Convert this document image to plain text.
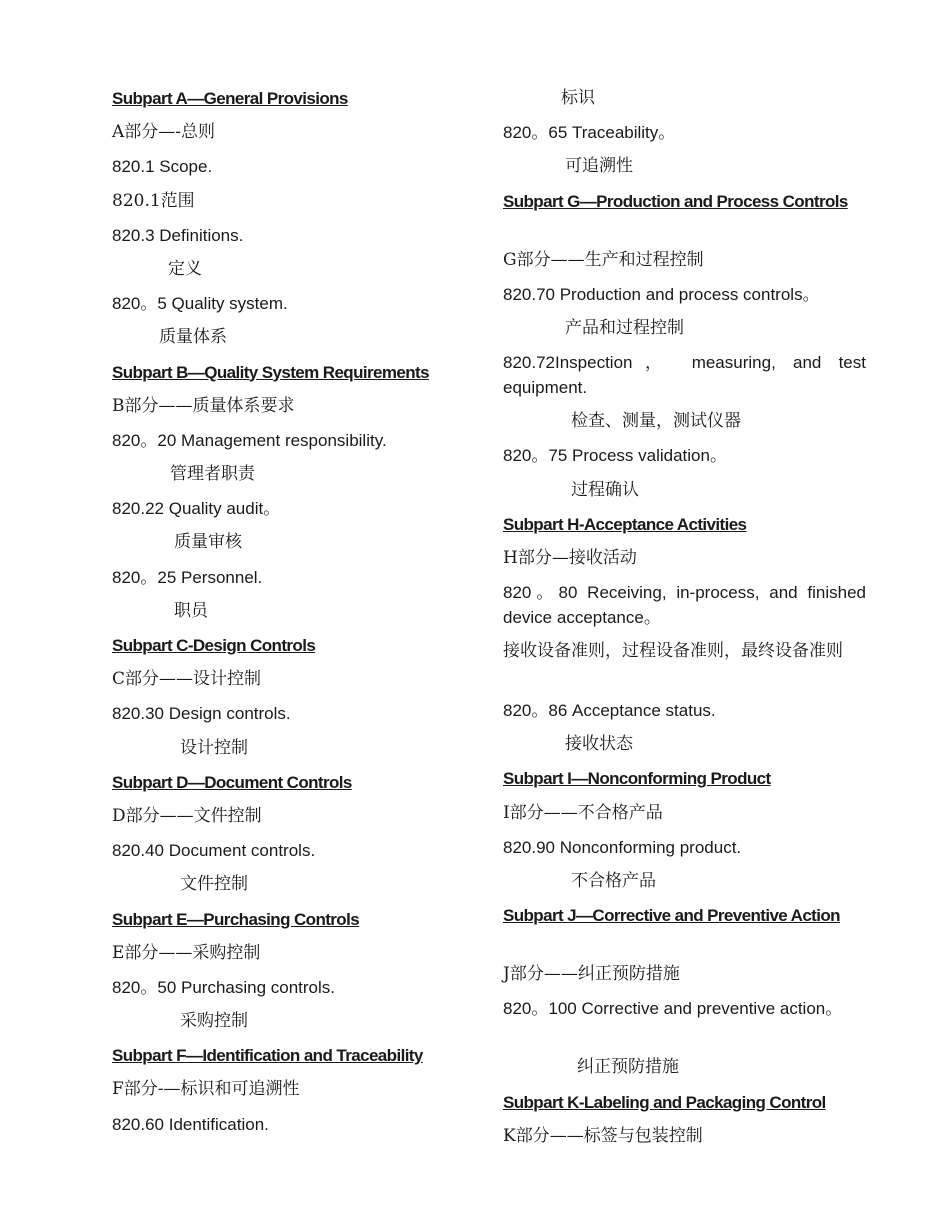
Subpart A—General Provisions
A部分—-总则
820.1 Scope.
820.1范围
820.3 Definitions.
定义
820。5 Quality system.
质量体系
Subpart B—Quality System Requirements
B部分——质量体系要求
820。20 Management responsibility.
管理者职责
820.22 Quality audit。
质量审核
820。25 Personnel.
职员
Subpart C-Design Controls
C部分——设计控制
820.30 Design controls.
设计控制
Subpart D—Document Controls
D部分——文件控制
820.40 Document controls.
文件控制
Subpart E—Purchasing Controls
E部分——采购控制
820。50 Purchasing controls.
采购控制
Subpart F—Identification and Traceability
F部分-—标识和可追溯性
820.60 Identification.
标识
820。65 Traceability。
可追溯性
Subpart G—Production and Process Controls
G部分——生产和过程控制
820.70 Production and process controls。
产品和过程控制
820.72Inspection， measuring, and test equipment.
检查、测量，测试仪器
820。75 Process validation。
过程确认
Subpart H-Acceptance Activities
H部分—接收活动
820。80 Receiving, in-process, and finished device acceptance。
接收设备准则，过程设备准则，最终设备准则
820。86 Acceptance status.
接收状态
Subpart I—Nonconforming Product
I部分——不合格产品
820.90 Nonconforming product.
不合格产品
Subpart J—Corrective and Preventive Action
J部分——纠正预防措施
820。100 Corrective and preventive action。
纠正预防措施
Subpart K-Labeling and Packaging Control
K部分——标签与包装控制
